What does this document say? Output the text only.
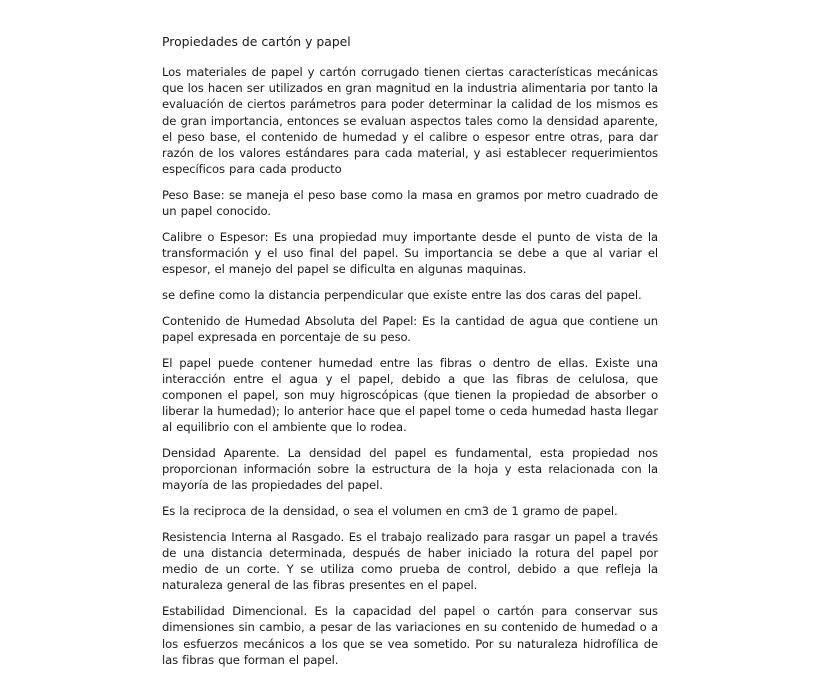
Propiedades de cartón y papel

Los materiales de papel y cartón corrugado tienen ciertas características mecánicas que los hacen ser utilizados en gran magnitud en la industria alimentaria por tanto la evaluación de ciertos parámetros para poder determinar la calidad de los mismos es de gran importancia, entonces se evaluan aspectos tales como la densidad aparente, el peso base, el contenido de humedad y el calibre o espesor entre otras, para dar razón de los valores estándares para cada material, y asi establecer requerimientos específicos para cada producto

Peso Base: se maneja el peso base como la masa en gramos por metro cuadrado de un papel conocido.

Calibre o Espesor: Es una propiedad muy importante desde el punto de vista de la transformación y el uso final del papel. Su importancia se debe a que al variar el espesor, el manejo del papel se dificulta en algunas maquinas.

se define como la distancia perpendicular que existe entre las dos caras del papel.

Contenido de Humedad Absoluta del Papel: Es la cantidad de agua que contiene un papel expresada en porcentaje de su peso.

El papel puede contener humedad entre las fibras o dentro de ellas. Existe una interacción entre el agua y el papel, debido a que las fibras de celulosa, que componen el papel, son muy higroscópicas (que tienen la propiedad de absorber o liberar la humedad); lo anterior hace que el papel tome o ceda humedad hasta llegar al equilibrio con el ambiente que lo rodea.

Densidad Aparente. La densidad del papel es fundamental, esta propiedad nos proporcionan información sobre la estructura de la hoja y esta relacionada con la mayoría de las propiedades del papel.

Es la reciproca de la densidad, o sea el volumen en cm3 de 1 gramo de papel.

Resistencia Interna al Rasgado. Es el trabajo realizado para rasgar un papel a través de una distancia determinada, después de haber iniciado la rotura del papel por medio de un corte. Y se utiliza como prueba de control, debido a que refleja la naturaleza general de las fibras presentes en el papel.

Estabilidad Dimencional. Es la capacidad del papel o cartón para conservar sus dimensiones sin cambio, a pesar de las variaciones en su contenido de humedad o a los esfuerzos mecánicos a los que se vea sometido. Por su naturaleza hidrofílica de las fibras que forman el papel.
